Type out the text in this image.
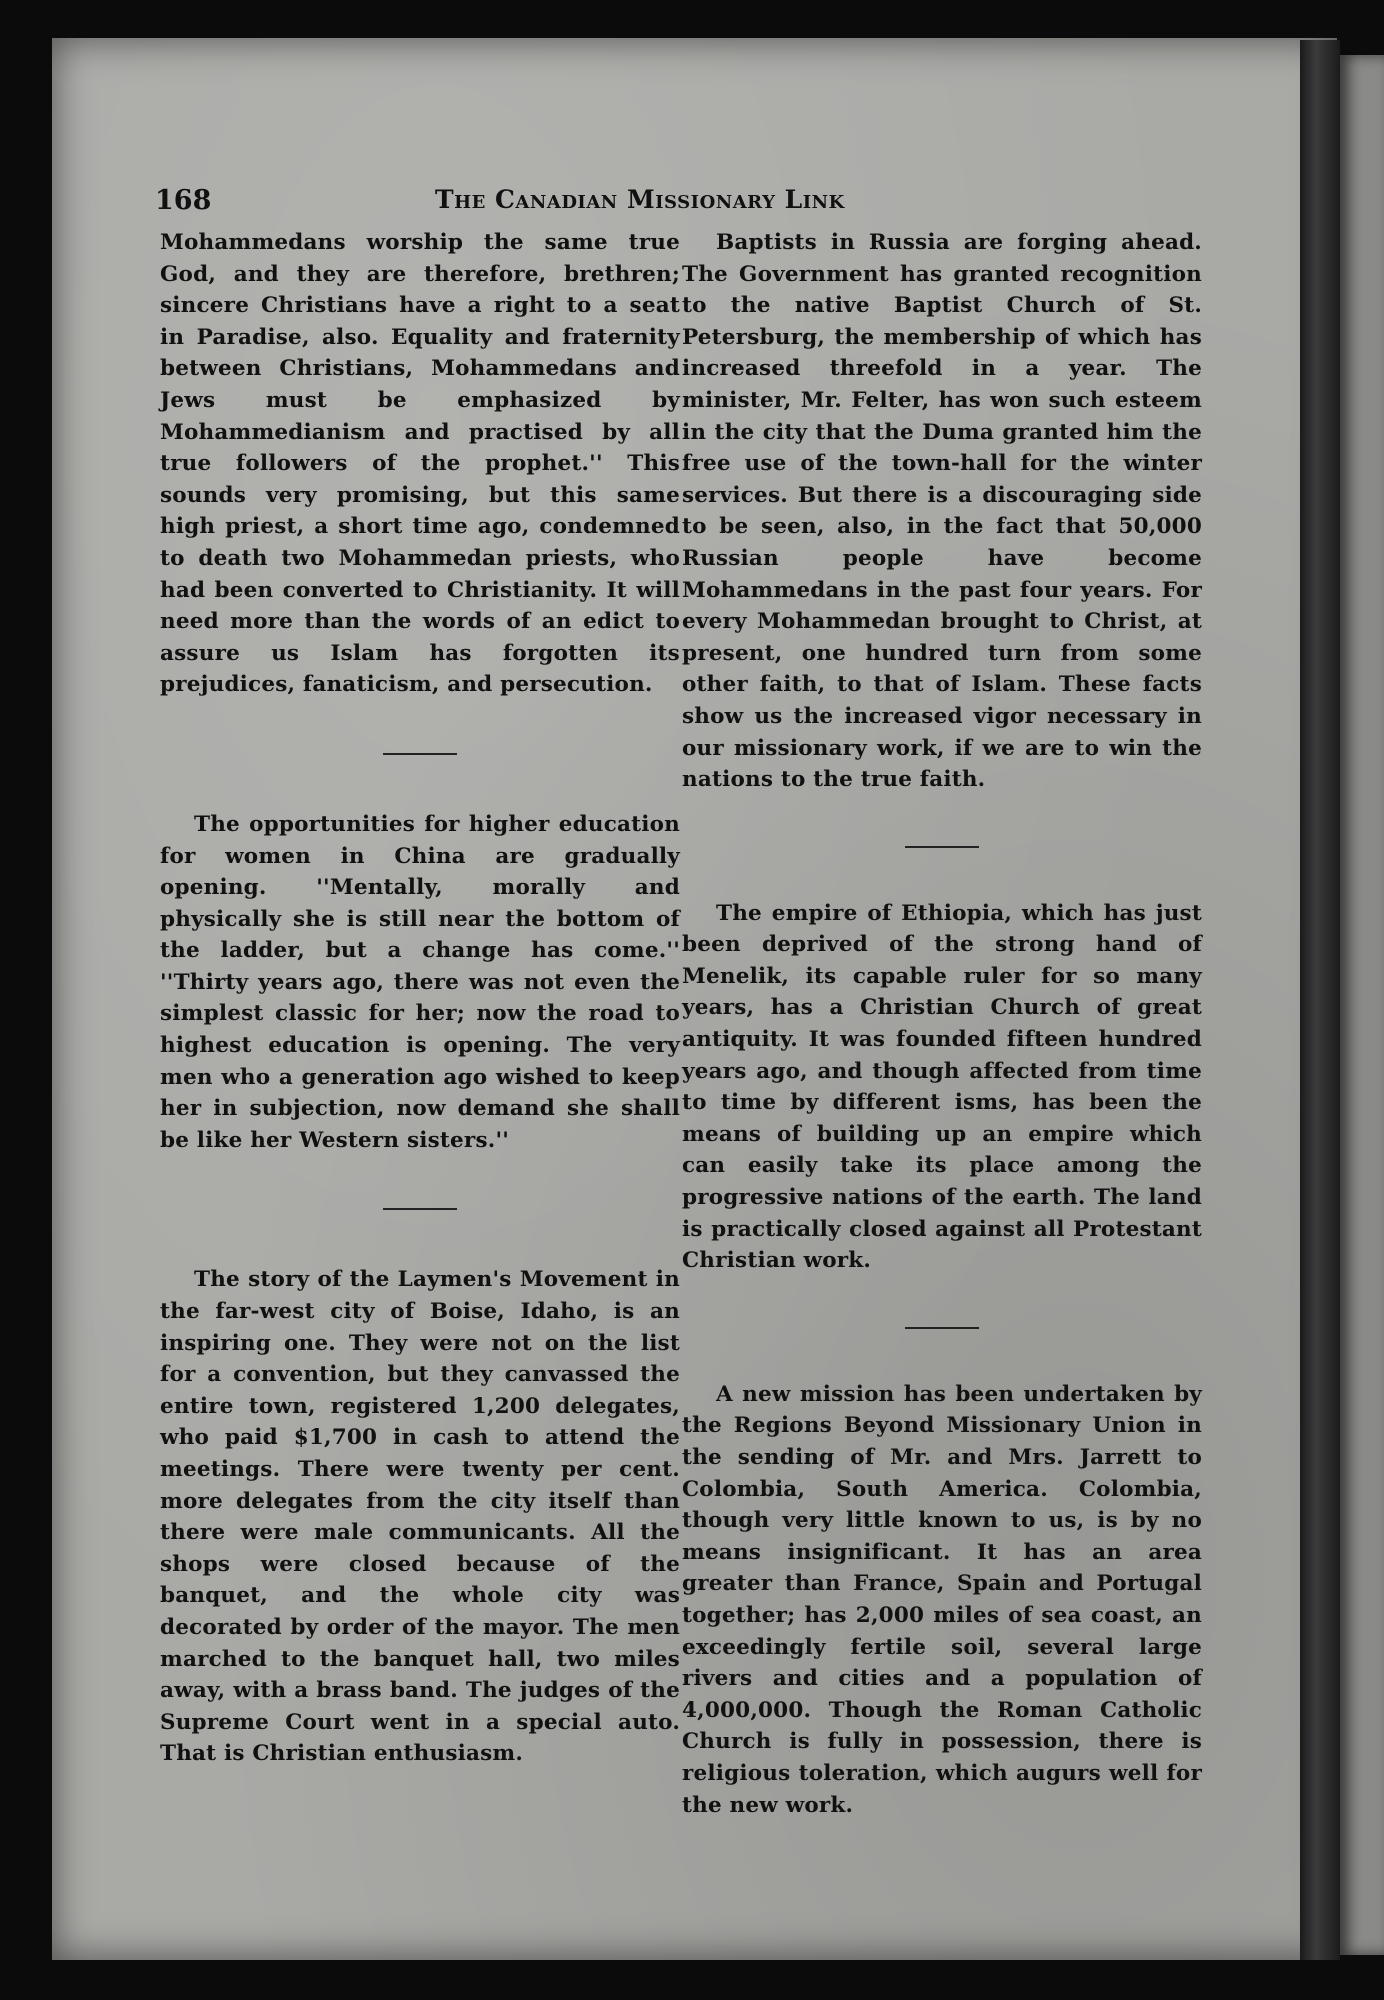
168	The Canadian Missionary Link

Mohammedans worship the same true God, and they are therefore, brethren; sincere Christians have a right to a seat in Paradise, also. Equality and fraternity between Christians, Mohammedans and Jews must be emphasized by Mohammedianism and practised by all true followers of the prophet.'' This sounds very promising, but this same high priest, a short time ago, condemned to death two Mohammedan priests, who had been converted to Christianity. It will need more than the words of an edict to assure us Islam has forgotten its prejudices, fanaticism, and persecution.

The opportunities for higher education for women in China are gradually opening. ''Mentally, morally and physically she is still near the bottom of the ladder, but a change has come.'' ''Thirty years ago, there was not even the simplest classic for her; now the road to highest education is opening. The very men who a generation ago wished to keep her in subjection, now demand she shall be like her Western sisters.''

The story of the Laymen's Movement in the far-west city of Boise, Idaho, is an inspiring one. They were not on the list for a convention, but they canvassed the entire town, registered 1,200 delegates, who paid $1,700 in cash to attend the meetings. There were twenty per cent. more delegates from the city itself than there were male communicants. All the shops were closed because of the banquet, and the whole city was decorated by order of the mayor. The men marched to the banquet hall, two miles away, with a brass band. The judges of the Supreme Court went in a special auto. That is Christian enthusiasm.

Baptists in Russia are forging ahead. The Government has granted recognition to the native Baptist Church of St. Petersburg, the membership of which has increased threefold in a year. The minister, Mr. Felter, has won such esteem in the city that the Duma granted him the free use of the town-hall for the winter services. But there is a discouraging side to be seen, also, in the fact that 50,000 Russian people have become Mohammedans in the past four years. For every Mohammedan brought to Christ, at present, one hundred turn from some other faith, to that of Islam. These facts show us the increased vigor necessary in our missionary work, if we are to win the nations to the true faith.

The empire of Ethiopia, which has just been deprived of the strong hand of Menelik, its capable ruler for so many years, has a Christian Church of great antiquity. It was founded fifteen hundred years ago, and though affected from time to time by different isms, has been the means of building up an empire which can easily take its place among the progressive nations of the earth. The land is practically closed against all Protestant Christian work.

A new mission has been undertaken by the Regions Beyond Missionary Union in the sending of Mr. and Mrs. Jarrett to Colombia, South America. Colombia, though very little known to us, is by no means insignificant. It has an area greater than France, Spain and Portugal together; has 2,000 miles of sea coast, an exceedingly fertile soil, several large rivers and cities and a population of 4,000,000. Though the Roman Catholic Church is fully in possession, there is religious toleration, which augurs well for the new work.
